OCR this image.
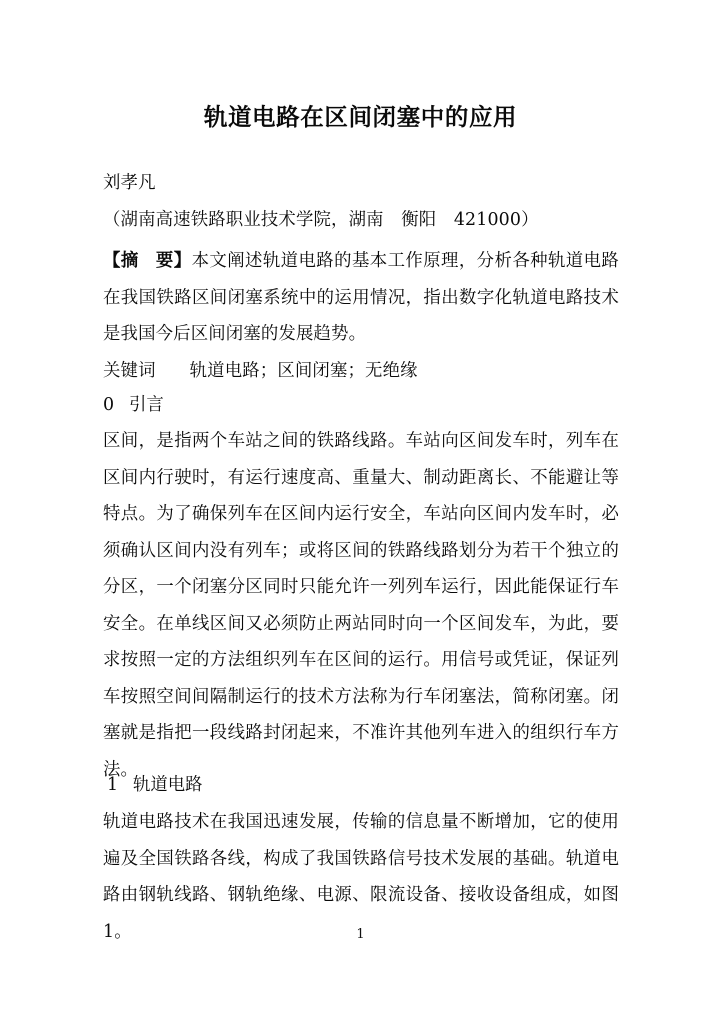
轨道电路在区间闭塞中的应用
刘孝凡
（湖南高速铁路职业技术学院，湖南　衡阳　421000）
【摘 要】本文阐述轨道电路的基本工作原理，分析各种轨道电路在我国铁路区间闭塞系统中的运用情况，指出数字化轨道电路技术是我国今后区间闭塞的发展趋势。
关键词 轨道电路；区间闭塞；无绝缘
0 引言
区间，是指两个车站之间的铁路线路。车站向区间发车时，列车在区间内行驶时，有运行速度高、重量大、制动距离长、不能避让等特点。为了确保列车在区间内运行安全，车站向区间内发车时，必须确认区间内没有列车；或将区间的铁路线路划分为若干个独立的分区，一个闭塞分区同时只能允许一列列车运行，因此能保证行车安全。在单线区间又必须防止两站同时向一个区间发车，为此，要求按照一定的方法组织列车在区间的运行。用信号或凭证，保证列车按照空间间隔制运行的技术方法称为行车闭塞法，简称闭塞。闭塞就是指把一段线路封闭起来，不准许其他列车进入的组织行车方法。
1 轨道电路
轨道电路技术在我国迅速发展，传输的信息量不断增加，它的使用遍及全国铁路各线，构成了我国铁路信号技术发展的基础。轨道电路由钢轨线路、钢轨绝缘、电源、限流设备、接收设备组成，如图 1。	1
